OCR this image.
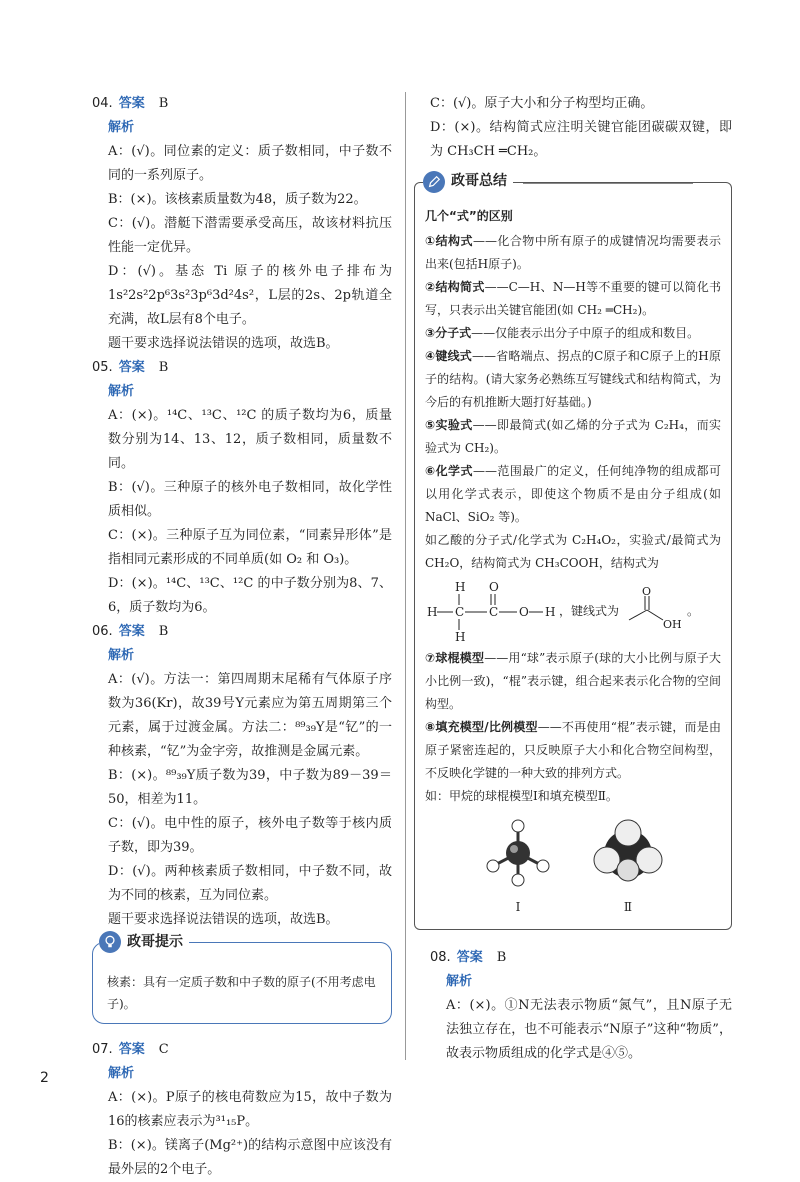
04. 答案 B
解析

A：(√)。同位素的定义：质子数相同，中子数不同的一系列原子。

B：(×)。该核素质量数为48，质子数为22。

C：(√)。潜艇下潜需要承受高压，故该材料抗压性能一定优异。

D：(√)。基态 Ti 原子的核外电子排布为 1s²2s²2p⁶3s²3p⁶3d²4s²，L层的2s、2p轨道全充满，故L层有8个电子。

题干要求选择说法错误的选项，故选B。

05. 答案 B
解析

A：(×)。¹⁴C、¹³C、¹²C 的质子数均为6，质量数分别为14、13、12，质子数相同，质量数不同。

B：(√)。三种原子的核外电子数相同，故化学性质相似。

C：(×)。三种原子互为同位素，“同素异形体”是指相同元素形成的不同单质(如 O₂ 和 O₃)。

D：(×)。¹⁴C、¹³C、¹²C 的中子数分别为8、7、6，质子数均为6。

06. 答案 B
解析

A：(√)。方法一：第四周期末尾稀有气体原子序数为36(Kr)，故39号Y元素应为第五周期第三个元素，属于过渡金属。方法二：⁸⁹₃₉Y是“钇”的一种核素，“钇”为金字旁，故推测是金属元素。

B：(×)。⁸⁹₃₉Y质子数为39，中子数为89－39＝50，相差为11。

C：(√)。电中性的原子，核外电子数等于核内质子数，即为39。

D：(√)。两种核素质子数相同，中子数不同，故为不同的核素，互为同位素。

题干要求选择说法错误的选项，故选B。

政哥提示
核素：具有一定质子数和中子数的原子(不用考虑电子)。
07. 答案 C
解析

A：(×)。P原子的核电荷数应为15，故中子数为16的核素应表示为³¹₁₅P。

B：(×)。镁离子(Mg²⁺)的结构示意图中应该没有最外层的2个电子。

C：(√)。原子大小和分子构型均正确。

D：(×)。结构简式应注明关键官能团碳碳双键，即为 CH₃CH ═CH₂。

政哥总结
几个“式”的区别
①结构式——化合物中所有原子的成键情况均需要表示出来(包括H原子)。
②结构简式——C—H、N—H等不重要的键可以简化书写，只表示出关键官能团(如 CH₂ ═CH₂)。
③分子式——仅能表示出分子中原子的组成和数目。
④键线式——省略端点、拐点的C原子和C原子上的H原子的结构。(请大家务必熟练互写键线式和结构简式，为今后的有机推断大题打好基础。)
⑤实验式——即最简式(如乙烯的分子式为 C₂H₄，而实验式为 CH₂)。
⑥化学式——范围最广的定义，任何纯净物的组成都可以用化学式表示，即使这个物质不是由分子组成(如 NaCl、SiO₂ 等)。
如乙酸的分子式/化学式为 C₂H₄O₂，实验式/最简式为 CH₂O，结构简式为 CH₃COOH，结构式为
H O
H C C O H
H
，键线式为
O
OH
。
⑦球棍模型——用“球”表示原子(球的大小比例与原子大小比例一致)，“棍”表示键，组合起来表示化合物的空间构型。
⑧填充模型/比例模型——不再使用“棍”表示键，而是由原子紧密连起的，只反映原子大小和化合物空间构型，不反映化学键的一种大致的排列方式。
如：甲烷的球棍模型Ⅰ和填充模型Ⅱ。
Ⅰ	Ⅱ
08. 答案 B
解析

A：(×)。①N无法表示物质“氮气”，且N原子无法独立存在，也不可能表示“N原子”这种“物质”，故表示物质组成的化学式是④⑤。

2
